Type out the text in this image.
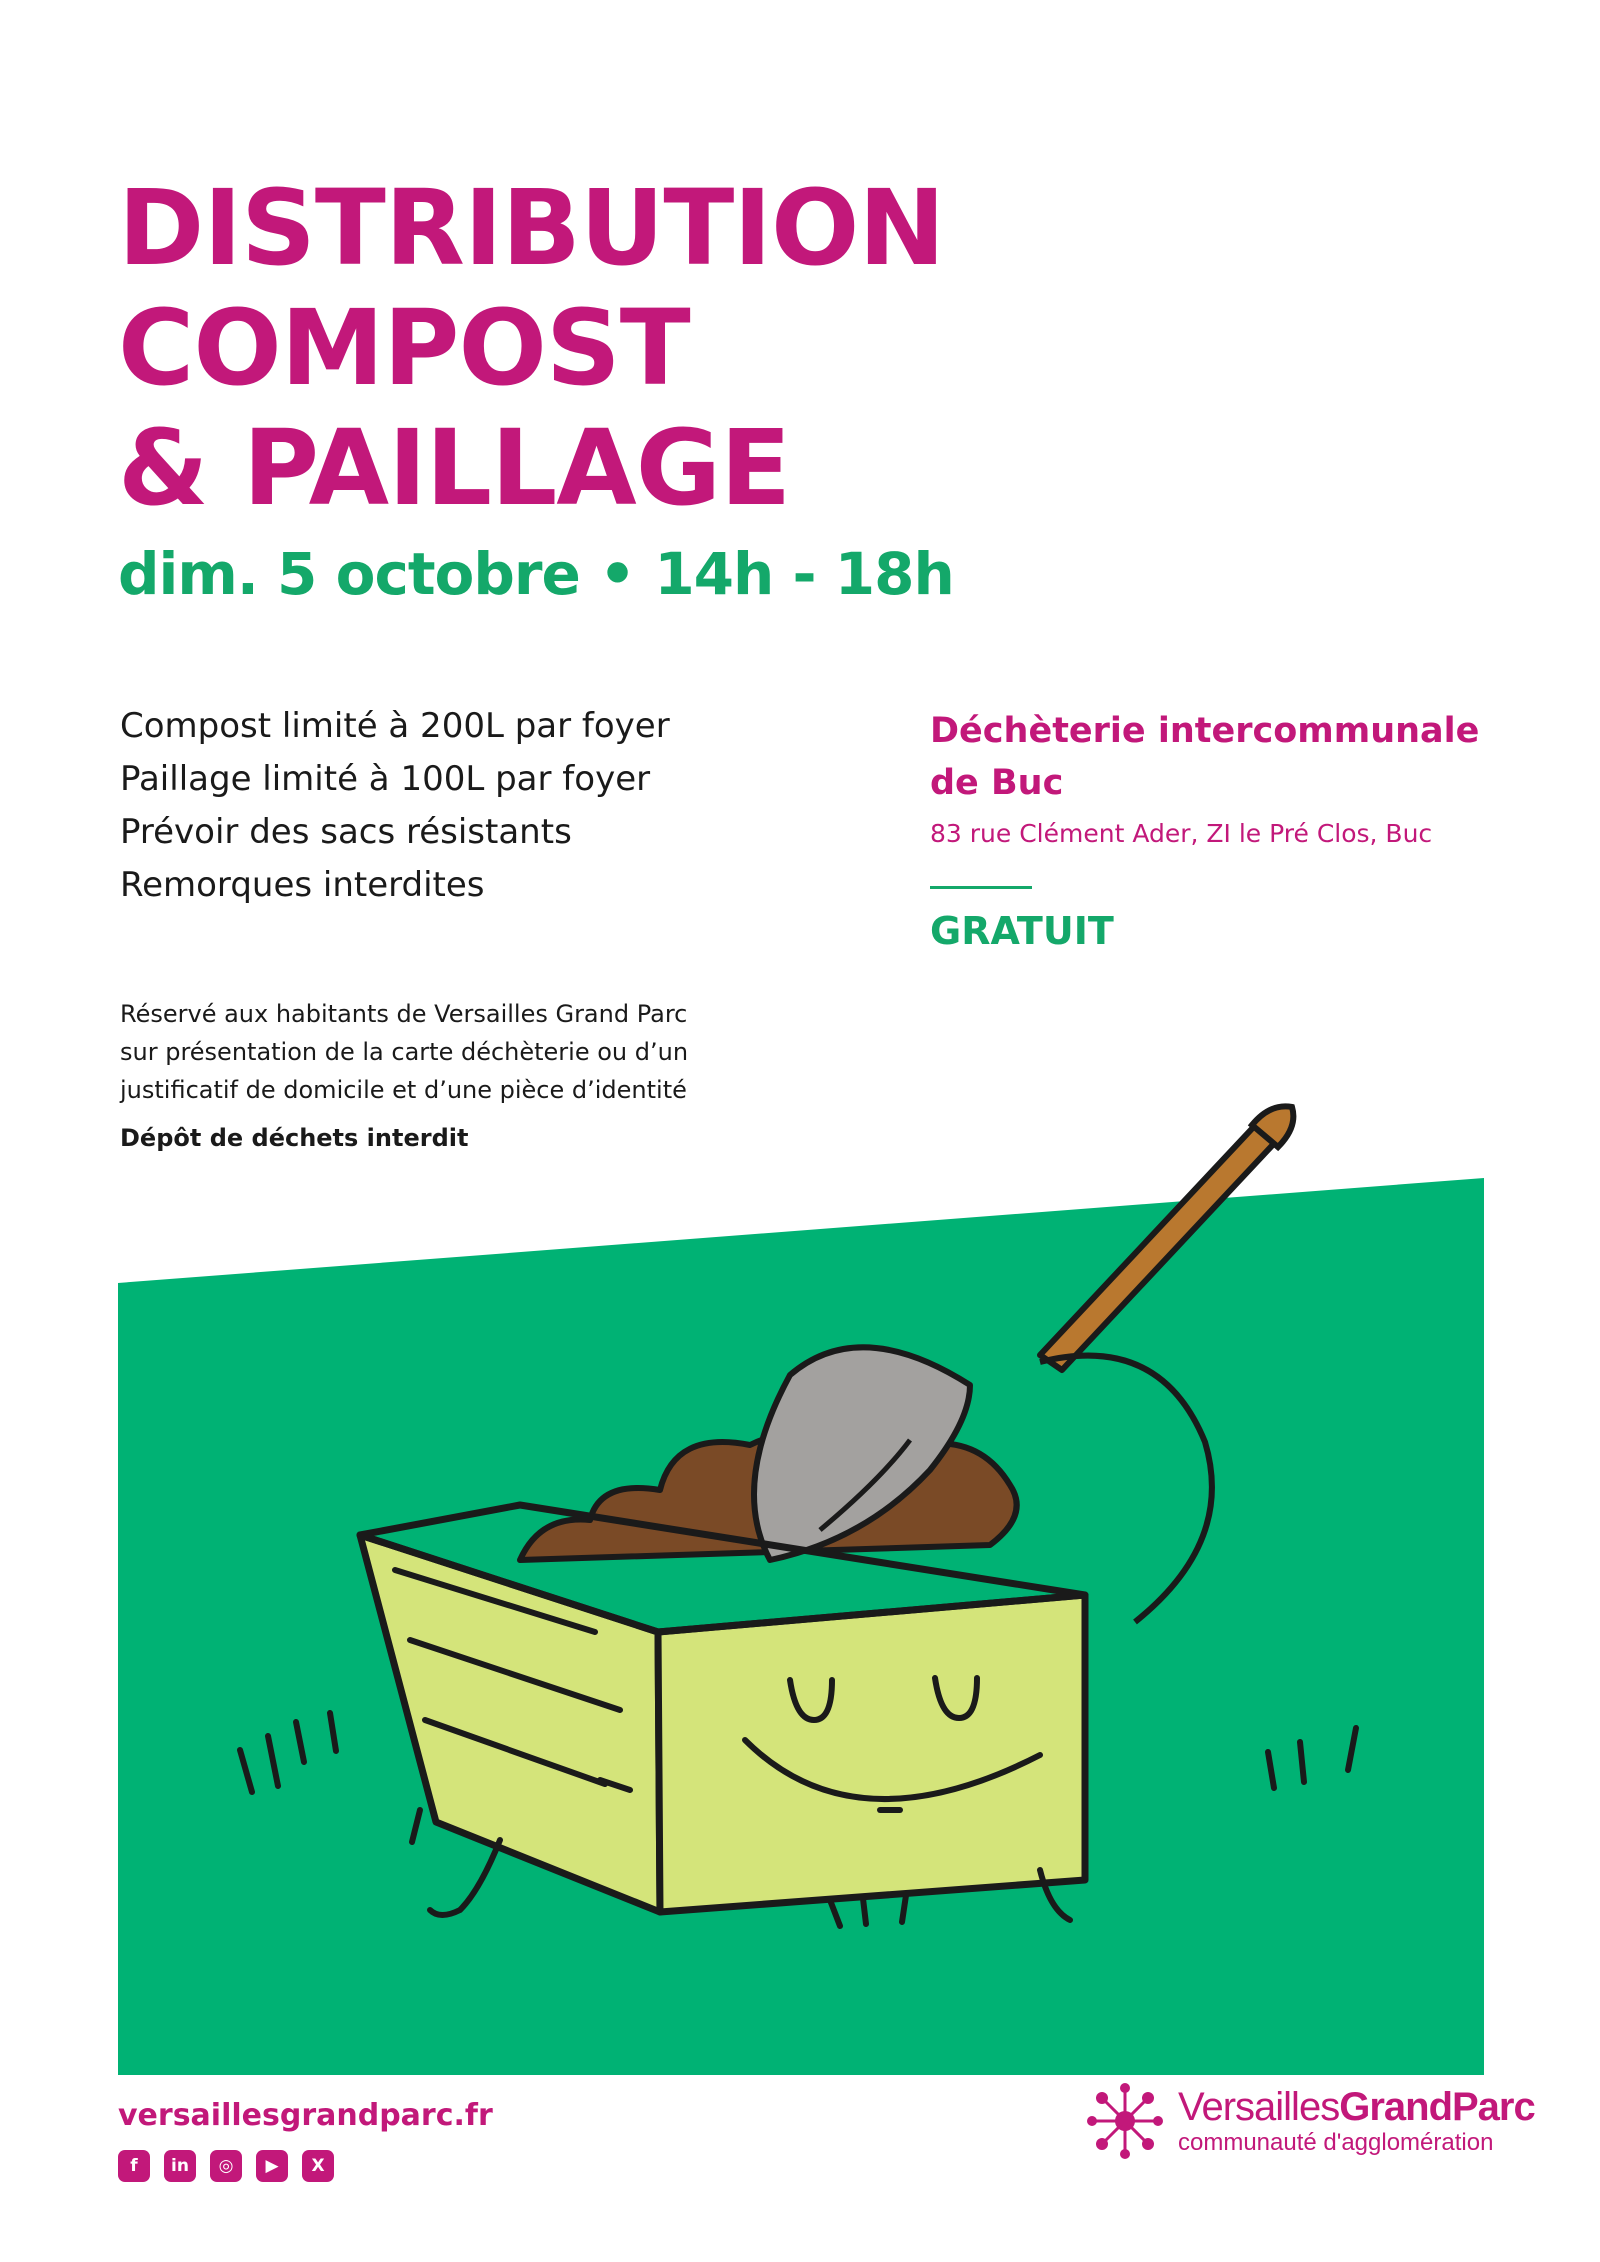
DISTRIBUTION
COMPOST
& PAILLAGE
dim. 5 octobre • 14h - 18h
Compost limité à 200L par foyer
Paillage limité à 100L par foyer
Prévoir des sacs résistants
Remorques interdites
Réservé aux habitants de Versailles Grand Parc
sur présentation de la carte déchèterie ou d’un
justificatif de domicile et d’une pièce d’identité
Dépôt de déchets interdit
Déchèterie intercommunale
de Buc
83 rue Clément Ader, ZI le Pré Clos, Buc
GRATUIT
versaillesgrandparc.fr
f	in	◎	▶	X
VersaillesGrandParc
communauté d'agglomération
